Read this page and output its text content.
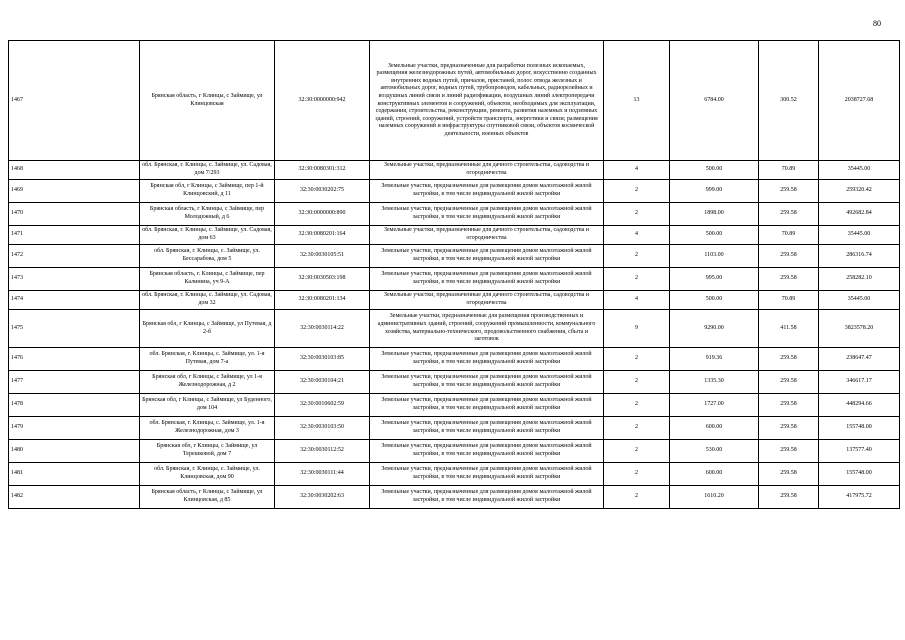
80
1467	Брянская область, г Клинцы, с Займище, ул Клинцовская	32:30:0000000:942	Земельные участки, предназначенные для разработки полезных ископаемых, размещения железнодорожных путей, автомобильных дорог, искусственно созданных внутренних водных путей, причалов, пристаней, полос отвода железных и автомобильных дорог, водных путей, трубопроводов, кабельных, радиорелейных и воздушных линий связи и линий радиофикации, воздушных линий электропередачи конструктивных элементов и сооружений, объектов, необходимых для эксплуатации, содержания, строительства, реконструкции, ремонта, развития наземных и подземных зданий, строений, сооружений, устройств транспорта, энергетики и связи; размещения наземных сооружений и инфраструктуры спутниковой связи, объектов космической деятельности, военных объектов	13	6784.00	300.52	2038727.68
1468	обл. Брянская, г. Клинцы, с. Займище, ул. Садовая, дом 7/293	32:30:0080301:312	Земельные участки, предназначенные для дачного строительства, садоводства и огородничества	4	500.00	70.89	35445.00
1469	Брянская обл, г Клинцы, с Займище, пер 1-й Клинцовский, д 11	32:30:0030202:75	Земельные участки, предназначенные для размещения домов малоэтажной жилой застройки, в том числе индивидуальной жилой застройки	2	999.00	259.58	259320.42
1470	Брянская область, г Клинцы, с Займище, пер Молодежный, д 6	32:30:0000000:890	Земельные участки, предназначенные для размещения домов малоэтажной жилой застройки, в том числе индивидуальной жилой застройки	2	1898.00	259.58	492682.84
1471	обл. Брянская, г. Клинцы, с. Займище, ул. Садовая, дом 63	32:30:0080201:164	Земельные участки, предназначенные для дачного строительства, садоводства и огородничества	4	500.00	70.89	35445.00
1472	обл. Брянская, г. Клинцы, с. Займище, ул. Бессарабова, дом 5	32:30:0030105:51	Земельные участки, предназначенные для размещения домов малоэтажной жилой застройки, в том числе индивидуальной жилой застройки	2	1103.00	259.58	286316.74
1473	Брянская область, г. Клинцы, с Займище, пер Калинина, уч 9-А	32:30:0030503:198	Земельные участки, предназначенные для размещения домов малоэтажной жилой застройки, в том числе индивидуальной жилой застройки	2	995.00	259.58	258282.10
1474	обл. Брянская, г. Клинцы, с. Займище, ул. Садовая, дом 32	32:30:0080201:134	Земельные участки, предназначенные для дачного строительства, садоводства и огородничества	4	500.00	70.89	35445.00
1475	Брянская обл, г Клинцы, с Займище, ул Путевая, д 2-б	32:30:0030114:22	Земельные участки, предназначенные для размещения производственных и административных зданий, строений, сооружений промышленности, коммунального хозяйства, материально-технического, продовольственного снабжения, сбыта и заготовок	9	9290.00	411.58	3823578.20
1476	обл. Брянская, г. Клинцы, с. Займище, ул. 1-я Путевая, дом 7-а	32:30:0030103:85	Земельные участки, предназначенные для размещения домов малоэтажной жилой застройки, в том числе индивидуальной жилой застройки	2	919.36	259.58	238647.47
1477	Брянская обл, г Клинцы, с Займище, ул 1-я Железнодорожная, д 2	32:30:0030104:21	Земельные участки, предназначенные для размещения домов малоэтажной жилой застройки, в том числе индивидуальной жилой застройки	2	1335.30	259.58	346617.17
1478	Брянская обл, г Клинцы, с Займище, ул Буденного, дом 104	32:30:0010602:59	Земельные участки, предназначенные для размещения домов малоэтажной жилой застройки, в том числе индивидуальной жилой застройки	2	1727.00	259.58	448294.66
1479	обл. Брянская, г. Клинцы, с. Займище, ул. 1-я Железнодорожная, дом 3	32:30:0030103:50	Земельные участки, предназначенные для размещения домов малоэтажной жилой застройки, в том числе индивидуальной жилой застройки	2	600.00	259.58	155748.00
1480	Брянская обл, г Клинцы, с Займище, ул Терешковой, дом 7	32:30:0030112:52	Земельные участки, предназначенные для размещения домов малоэтажной жилой застройки, в том числе индивидуальной жилой застройки	2	530.00	259.58	137577.40
1481	обл. Брянская, г. Клинцы, с. Займище, ул. Клинцовская, дом 90	32:30:0030111:44	Земельные участки, предназначенные для размещения домов малоэтажной жилой застройки, в том числе индивидуальной жилой застройки	2	600.00	259.58	155748.00
1482	Брянская область, г Клинцы, с Займище, ул Клинцовская, д 85	32:30:0030202:63	Земельные участки, предназначенные для размещения домов малоэтажной жилой застройки, в том числе индивидуальной жилой застройки	2	1610.20	259.58	417975.72
